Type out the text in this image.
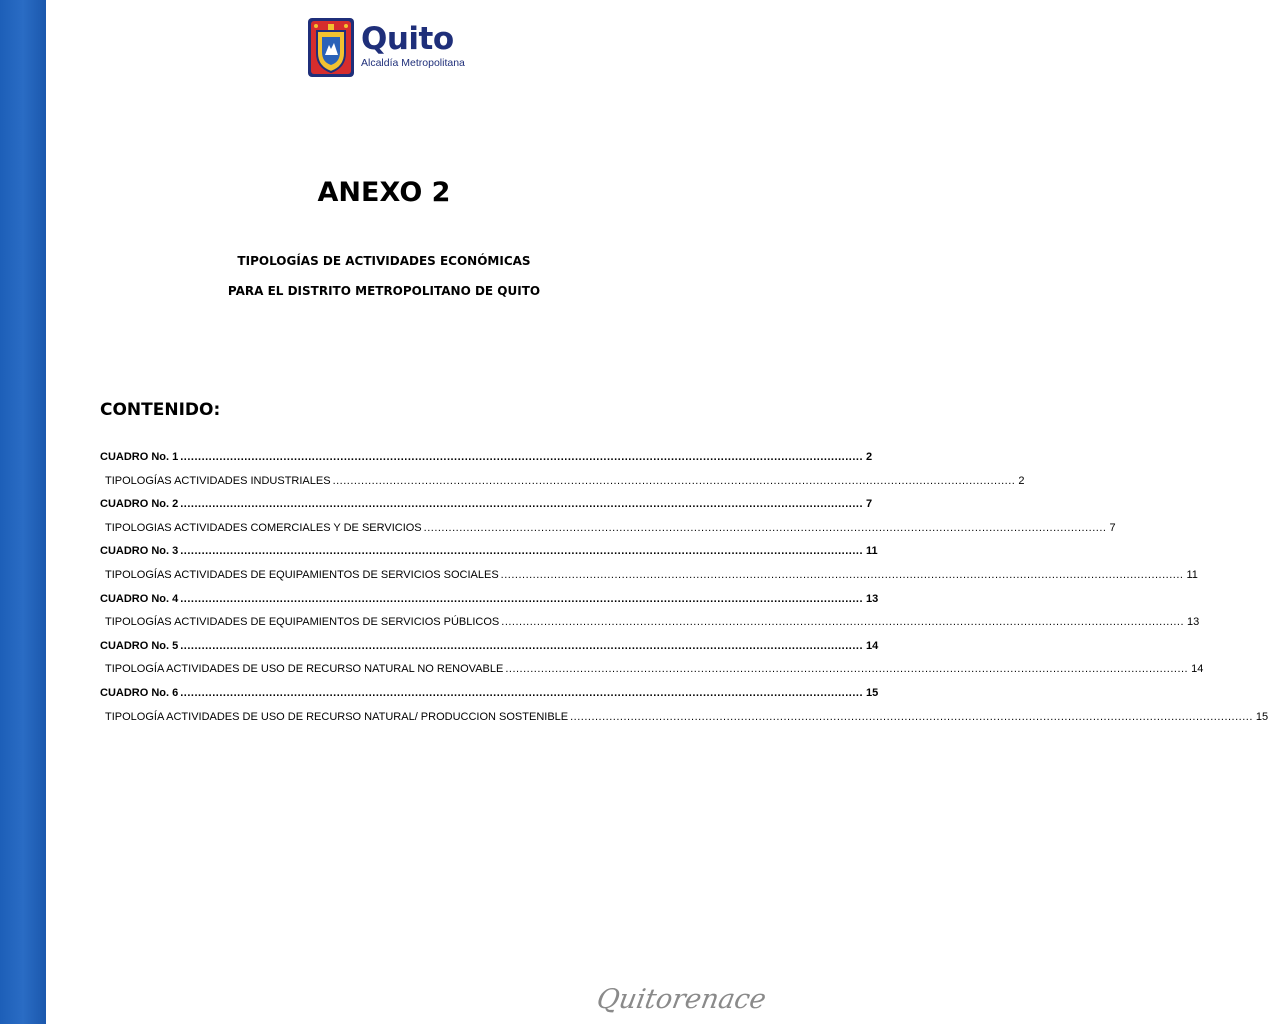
Quito
Alcaldía Metropolitana
ANEXO 2
TIPOLOGÍAS DE ACTIVIDADES ECONÓMICAS
PARA EL DISTRITO METROPOLITANO DE QUITO
CONTENIDO:
CUADRO No. 1 .....	2
TIPOLOGÍAS ACTIVIDADES INDUSTRIALES .....	2
CUADRO No. 2 .....	7
TIPOLOGIAS ACTIVIDADES COMERCIALES Y DE SERVICIOS .....	7
CUADRO No. 3 .....	11
TIPOLOGÍAS ACTIVIDADES DE EQUIPAMIENTOS DE SERVICIOS SOCIALES .....	11
CUADRO No. 4 .....	13
TIPOLOGÍAS ACTIVIDADES DE EQUIPAMIENTOS DE SERVICIOS PÚBLICOS .....	13
CUADRO No. 5 .....	14
TIPOLOGÍA ACTIVIDADES DE USO DE RECURSO NATURAL NO RENOVABLE .....	14
CUADRO No. 6 .....	15
TIPOLOGÍA ACTIVIDADES DE USO DE RECURSO NATURAL/ PRODUCCION SOSTENIBLE .....	15
Quitorenace
